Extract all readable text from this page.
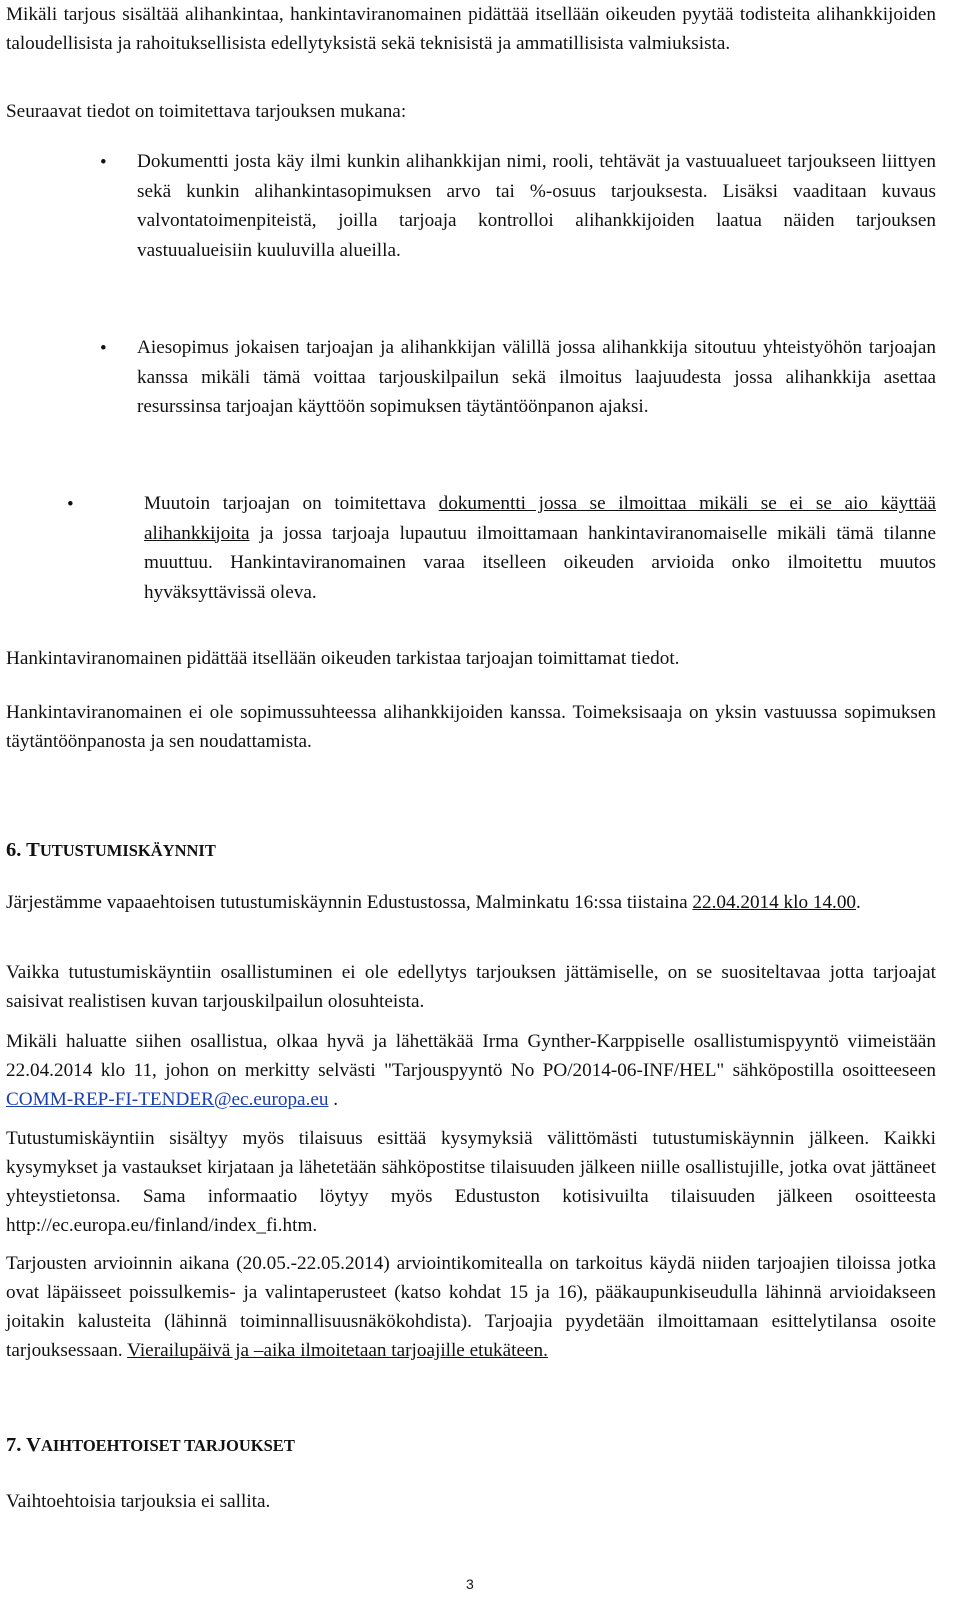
Mikäli tarjous sisältää alihankintaa, hankintaviranomainen pidättää itsellään oikeuden pyytää todisteita alihankkijoiden taloudellisista ja rahoituksellisista edellytyksistä sekä teknisistä ja ammatillisista valmiuksista.

Seuraavat tiedot on toimitettava tarjouksen mukana:

• Dokumentti josta käy ilmi kunkin alihankkijan nimi, rooli, tehtävät ja vastuualueet tarjoukseen liittyen sekä kunkin alihankintasopimuksen arvo tai %-osuus tarjouksesta. Lisäksi vaaditaan kuvaus valvontatoimenpiteistä, joilla tarjoaja kontrolloi alihankkijoiden laatua näiden tarjouksen vastuualueisiin kuuluvilla alueilla.

• Aiesopimus jokaisen tarjoajan ja alihankkijan välillä jossa alihankkija sitoutuu yhteistyöhön tarjoajan kanssa mikäli tämä voittaa tarjouskilpailun sekä ilmoitus laajuudesta jossa alihankkija asettaa resurssinsa tarjoajan käyttöön sopimuksen täytäntöönpanon ajaksi.

•	Muutoin tarjoajan on toimitettava dokumentti jossa se ilmoittaa mikäli se ei se aio käyttää alihankkijoita ja jossa tarjoaja lupautuu ilmoittamaan hankintaviranomaiselle mikäli tämä tilanne muuttuu. Hankintaviranomainen varaa itselleen oikeuden arvioida onko ilmoitettu muutos hyväksyttävissä oleva.

Hankintaviranomainen pidättää itsellään oikeuden tarkistaa tarjoajan toimittamat tiedot.

Hankintaviranomainen ei ole sopimussuhteessa alihankkijoiden kanssa. Toimeksisaaja on yksin vastuussa sopimuksen täytäntöönpanosta ja sen noudattamista.

6. TUTUSTUMISKÄYNNIT

Järjestämme vapaaehtoisen tutustumiskäynnin Edustustossa, Malminkatu 16:ssa tiistaina 22.04.2014 klo 14.00.

Vaikka tutustumiskäyntiin osallistuminen ei ole edellytys tarjouksen jättämiselle, on se suositeltavaa jotta tarjoajat saisivat realistisen kuvan tarjouskilpailun olosuhteista.

Mikäli haluatte siihen osallistua, olkaa hyvä ja lähettäkää Irma Gynther-Karppiselle osallistumispyyntö viimeistään 22.04.2014 klo 11, johon on merkitty selvästi "Tarjouspyyntö No PO/2014-06-INF/HEL" sähköpostilla osoitteeseen COMM-REP-FI-TENDER@ec.europa.eu .

Tutustumiskäyntiin sisältyy myös tilaisuus esittää kysymyksiä välittömästi tutustumiskäynnin jälkeen. Kaikki kysymykset ja vastaukset kirjataan ja lähetetään sähköpostitse tilaisuuden jälkeen niille osallistujille, jotka ovat jättäneet yhteystietonsa. Sama informaatio löytyy myös Edustuston kotisivuilta tilaisuuden jälkeen osoitteesta http://ec.europa.eu/finland/index_fi.htm.

Tarjousten arvioinnin aikana (20.05.-22.05.2014) arviointikomitealla on tarkoitus käydä niiden tarjoajien tiloissa jotka ovat läpäisseet poissulkemis- ja valintaperusteet (katso kohdat 15 ja 16), pääkaupunkiseudulla lähinnä arvioidakseen joitakin kalusteita (lähinnä toiminnallisuusnäkökohdista). Tarjoajia pyydetään ilmoittamaan esittelytilansa osoite tarjouksessaan. Vierailupäivä ja –aika ilmoitetaan tarjoajille etukäteen.

7. VAIHTOEHTOISET TARJOUKSET

Vaihtoehtoisia tarjouksia ei sallita.

3
